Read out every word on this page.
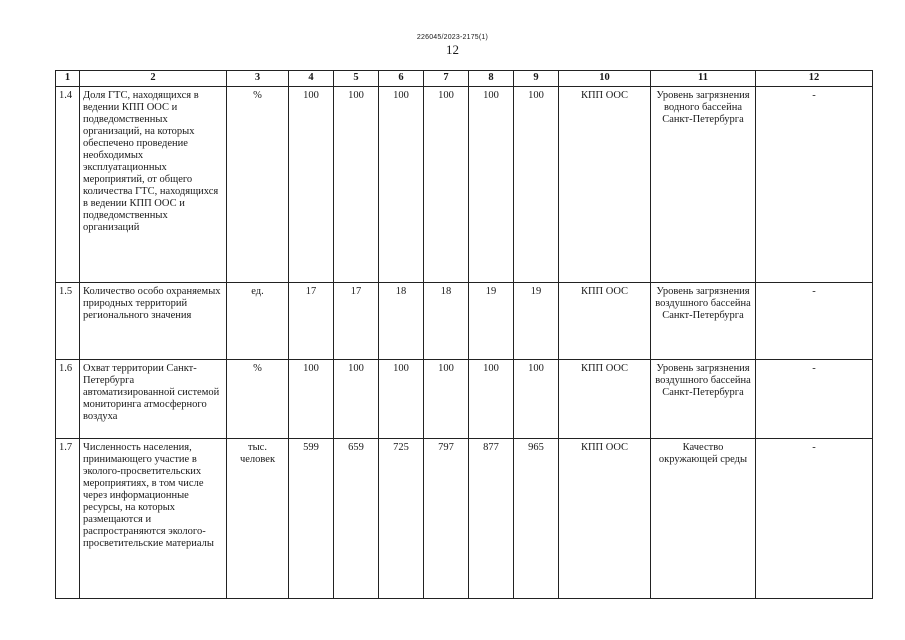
226045/2023-2175(1)
12
1	2	3	4	5	6	7	8	9	10	11	12
1.4	Доля ГТС, находящихся в ведении КПП ООС и подведомственных организаций, на которых обеспечено проведение необходимых эксплуатационных мероприятий, от общего количества ГТС, находящихся в ведении КПП ООС и подведомственных организаций	%	100	100	100	100	100	100	КПП ООС	Уровень загрязнения водного бассейна Санкт-Петербурга	-
1.5	Количество особо охраняемых природных территорий регионального значения	ед.	17	17	18	18	19	19	КПП ООС	Уровень загрязнения воздушного бассейна Санкт-Петербурга	-
1.6	Охват территории Санкт-Петербурга автоматизированной системой мониторинга атмосферного воздуха	%	100	100	100	100	100	100	КПП ООС	Уровень загрязнения воздушного бассейна Санкт-Петербурга	-
1.7	Численность населения, принимающего участие в эколого-просветительских мероприятиях, в том числе через информационные ресурсы, на которых размещаются и распространяются эколого-просветительские материалы	тыс. человек	599	659	725	797	877	965	КПП ООС	Качество окружающей среды	-
